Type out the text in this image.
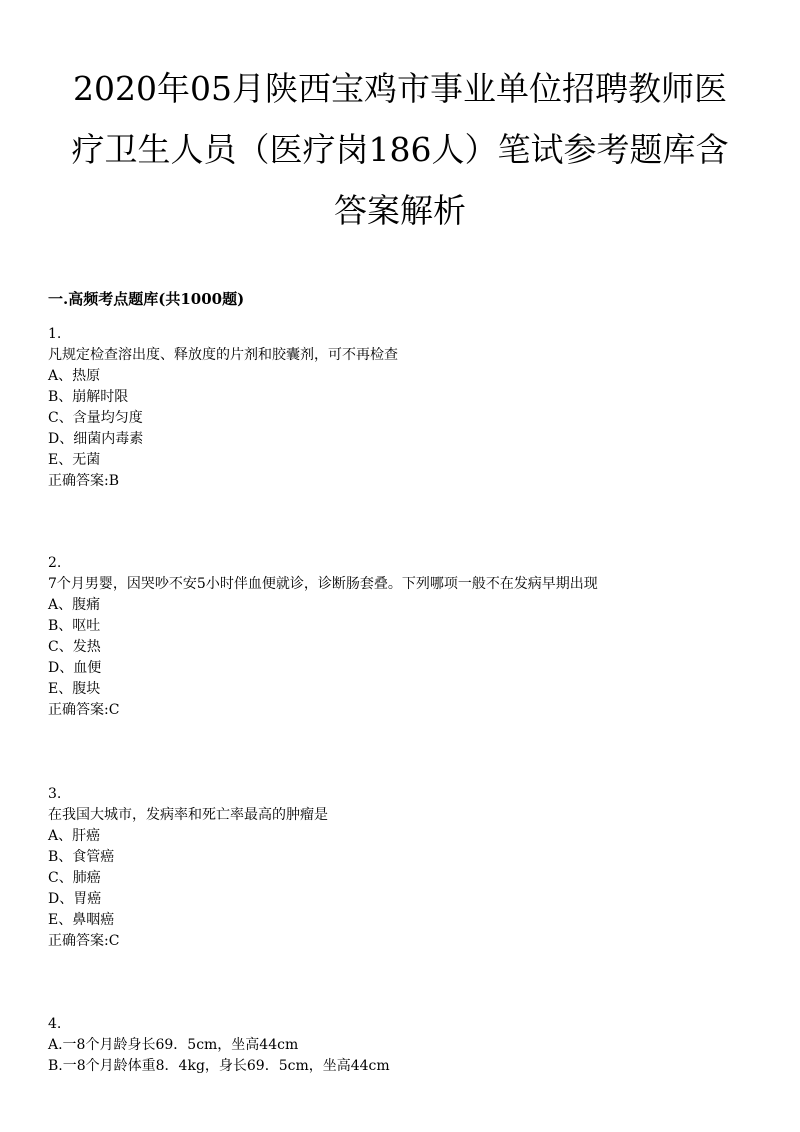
2020年05月陕西宝鸡市事业单位招聘教师医
疗卫生人员（医疗岗186人）笔试参考题库含
答案解析
一.高频考点题库(共1000题)
1.
凡规定检查溶出度、释放度的片剂和胶囊剂，可不再检查
A、热原
B、崩解时限
C、含量均匀度
D、细菌内毒素
E、无菌
正确答案:B
2.
7个月男婴，因哭吵不安5小时伴血便就诊，诊断肠套叠。下列哪项一般不在发病早期出现
A、腹痛
B、呕吐
C、发热
D、血便
E、腹块
正确答案:C
3.
在我国大城市，发病率和死亡率最高的肿瘤是
A、肝癌
B、食管癌
C、肺癌
D、胃癌
E、鼻咽癌
正确答案:C
4.
A.一8个月龄身长69．5cm，坐高44cm
B.一8个月龄体重8．4kg，身长69．5cm，坐高44cm
